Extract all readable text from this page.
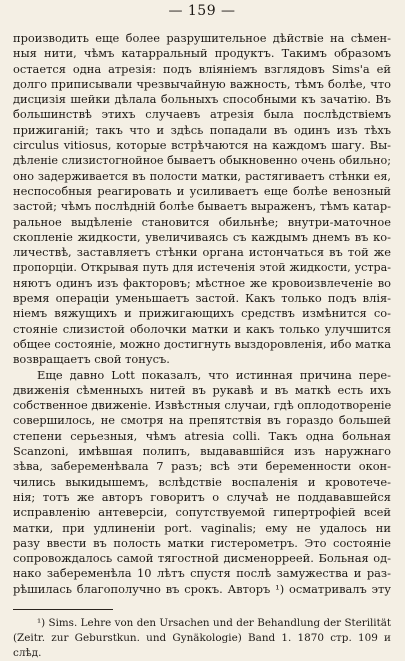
— 159 —
производить еще более разрушительное дѣйствіе на сѣмен-
ныя нити, чѣмъ катарральный продуктъ. Такимъ образомъ
остается одна атрезія: подъ вліяніемъ взглядовъ Sims'a ей
долго приписывали чрезвычайную важность, тѣмъ болѣе, что
дисцизія шейки дѣлала больныхъ способными къ зачатію. Въ
большинствѣ этихъ случаевъ атрезія была послѣдствіемъ
прижиганій; такъ что и здѣсь попадали въ одинъ изъ тѣхъ
circulus vitiosus, которые встрѣчаются на каждомъ шагу. Вы-
дѣленіе слизистогнойное бываетъ обыкновенно очень обильно;
оно задерживается въ полости матки, растягиваетъ стѣнки ея,
неспособныя реагировать и усиливаетъ еще болѣе венозный
застой; чѣмъ послѣдній болѣе бываетъ выраженъ, тѣмъ катар-
ральное выдѣленіе становится обильнѣе; внутри-маточное
скопленіе жидкости, увеличиваясь съ каждымъ днемъ въ ко-
личествѣ, заставляетъ стѣнки органа истончаться въ той же
пропорціи. Открывая путь для истеченія этой жидкости, устра-
няютъ одинъ изъ факторовъ; мѣстное же кровоизвлеченіе во
время операціи уменьшаетъ застой. Какъ только подъ влія-
ніемъ вяжущихъ и прижигающихъ средствъ измѣнится со-
стояніе слизистой оболочки матки и какъ только улучшится
общее состояніе, можно достигнуть выздоровленія, ибо матка
возвращаетъ свой тонусъ.
Еще давно Lott показалъ, что истинная причина пере-
движенія сѣменныхъ нитей въ рукавѣ и въ маткѣ есть ихъ
собственное движеніе. Извѣстныя случаи, гдѣ оплодотвореніе
совершилось, не смотря на препятствія въ гораздо большей
степени серьезныя, чѣмъ atresia colli. Такъ одна больная
Scanzoni, имѣвшая полипъ, выдававшійся изъ наружнаго
зѣва, забеременѣвала 7 разъ; всѣ эти беременности окон-
чились выкидышемъ, вслѣдствіе воспаленія и кровотече-
нія; тотъ же авторъ говоритъ о случаѣ не поддававшейся
исправленію антеверсіи, сопутствуемой гипертрофіей всей
матки, при удлиненіи port. vaginalis; ему не удалось ни
разу ввести въ полость матки гистерометръ. Это состояніе
сопровождалось самой тягостной дисменорреей. Больная од-
нако забеременѣла 10 лѣтъ спустя послѣ замужества и раз-
рѣшилась благополучно въ срокъ. Авторъ ¹) осматривалъ эту
¹) Sims. Lehre von den Ursachen und der Behandlung der Sterilität
(Zeitr. zur Geburstkun. und Gynäkologie) Band 1. 1870 стр. 109 и
слѣд.
